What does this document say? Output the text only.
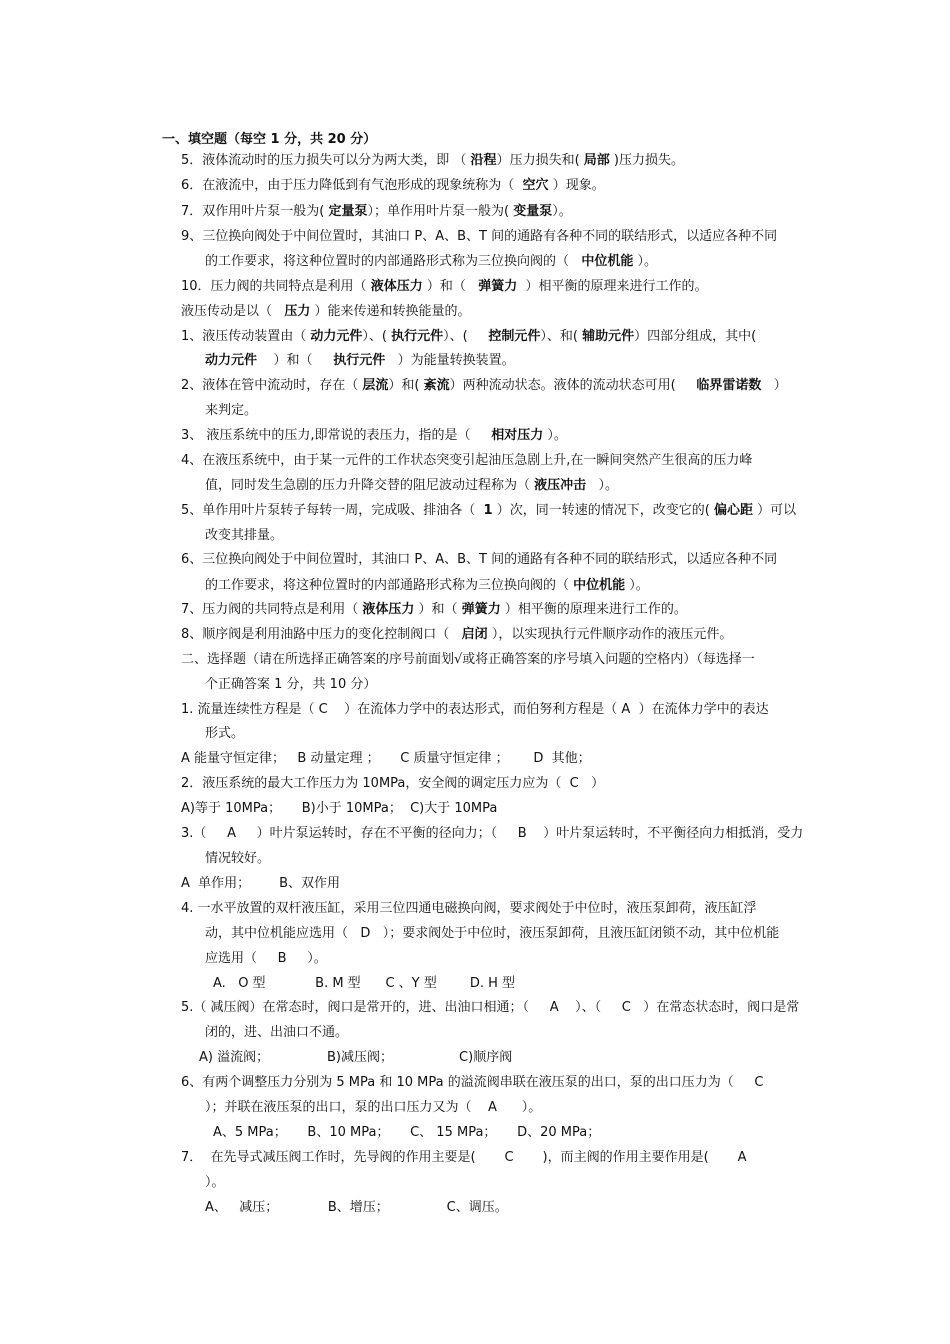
一、填空题（每空 1 分，共 20 分）
5．液体流动时的压力损失可以分为两大类，即 （ 沿程）压力损失和( 局部 )压力损失。
6．在液流中，由于压力降低到有气泡形成的现象统称为（  空穴 ）现象。
7．双作用叶片泵一般为( 定量泵）；单作用叶片泵一般为( 变量泵）。
9、三位换向阀处于中间位置时，其油口 P、A、B、T 间的通路有各种不同的联结形式，以适应各种不同
的工作要求，将这种位置时的内部通路形式称为三位换向阀的（   中位机能 ）。
10．压力阀的共同特点是利用（ 液体压力 ）和（   弹簧力  ）相平衡的原理来进行工作的。
液压传动是以（   压力 ）能来传递和转换能量的。
1、液压传动装置由（ 动力元件）、( 执行元件）、(     控制元件）、和( 辅助元件）四部分组成，其中(
动力元件    ）和（     执行元件   ）为能量转换装置。
2、液体在管中流动时，存在（ 层流）和( 紊流）两种流动状态。液体的流动状态可用(     临界雷诺数   ）
来判定。
3、 液压系统中的压力,即常说的表压力，指的是（     相对压力 ）。
4、在液压系统中，由于某一元件的工作状态突变引起油压急剧上升,在一瞬间突然产生很高的压力峰
值，同时发生急剧的压力升降交替的阻尼波动过程称为（ 液压冲击   ）。
5、单作用叶片泵转子每转一周，完成吸、排油各（  1 ）次，同一转速的情况下，改变它的( 偏心距 ）可以
改变其排量。
6、三位换向阀处于中间位置时，其油口 P、A、B、T 间的通路有各种不同的联结形式，以适应各种不同
的工作要求，将这种位置时的内部通路形式称为三位换向阀的（ 中位机能 ）。
7、压力阀的共同特点是利用（ 液体压力 ）和（ 弹簧力 ）相平衡的原理来进行工作的。
8、顺序阀是利用油路中压力的变化控制阀口（   启闭 ），以实现执行元件顺序动作的液压元件。
二、选择题（请在所选择正确答案的序号前面划√或将正确答案的序号填入问题的空格内）（每选择一
个正确答案 1 分，共 10 分）
1. 流量连续性方程是（ C    ）在流体力学中的表达形式，而伯努利方程是（ A  ）在流体力学中的表达
形式。
A 能量守恒定律；   B 动量定理 ；     C 质量守恒定律 ；      D  其他；
2．液压系统的最大工作压力为 10MPa，安全阀的调定压力应为（  C   ）
A)等于 10MPa；     B)小于 10MPa；  C)大于 10MPa
3.（     A     ）叶片泵运转时，存在不平衡的径向力；（     B    ）叶片泵运转时，不平衡径向力相抵消，受力
情况较好。
A  单作用；       B、双作用
4. 一水平放置的双杆液压缸，采用三位四通电磁换向阀，要求阀处于中位时，液压泵卸荷，液压缸浮
动，其中位机能应选用（   D   ）；要求阀处于中位时，液压泵卸荷，且液压缸闭锁不动，其中位机能
应选用（     B     ）。
A.   O 型            B. M 型      C 、Y 型        D. H 型
5.（ 减压阀）在常态时，阀口是常开的，进、出油口相通；（     A    ）、（     C   ）在常态状态时，阀口是常
闭的，进、出油口不通。
A) 溢流阀；              B)减压阀；                C)顺序阀
6、有两个调整压力分别为 5 MPa 和 10 MPa 的溢流阀串联在液压泵的出口，泵的出口压力为（     C
）；并联在液压泵的出口，泵的出口压力又为（    A      ）。
A、5 MPa；     B、10 MPa；     C、 15 MPa；     D、20 MPa；
7．  在先导式减压阀工作时，先导阀的作用主要是(       C       )，而主阀的作用主要作用是(       A
）。
A、   减压；            B、增压；              C、调压。
